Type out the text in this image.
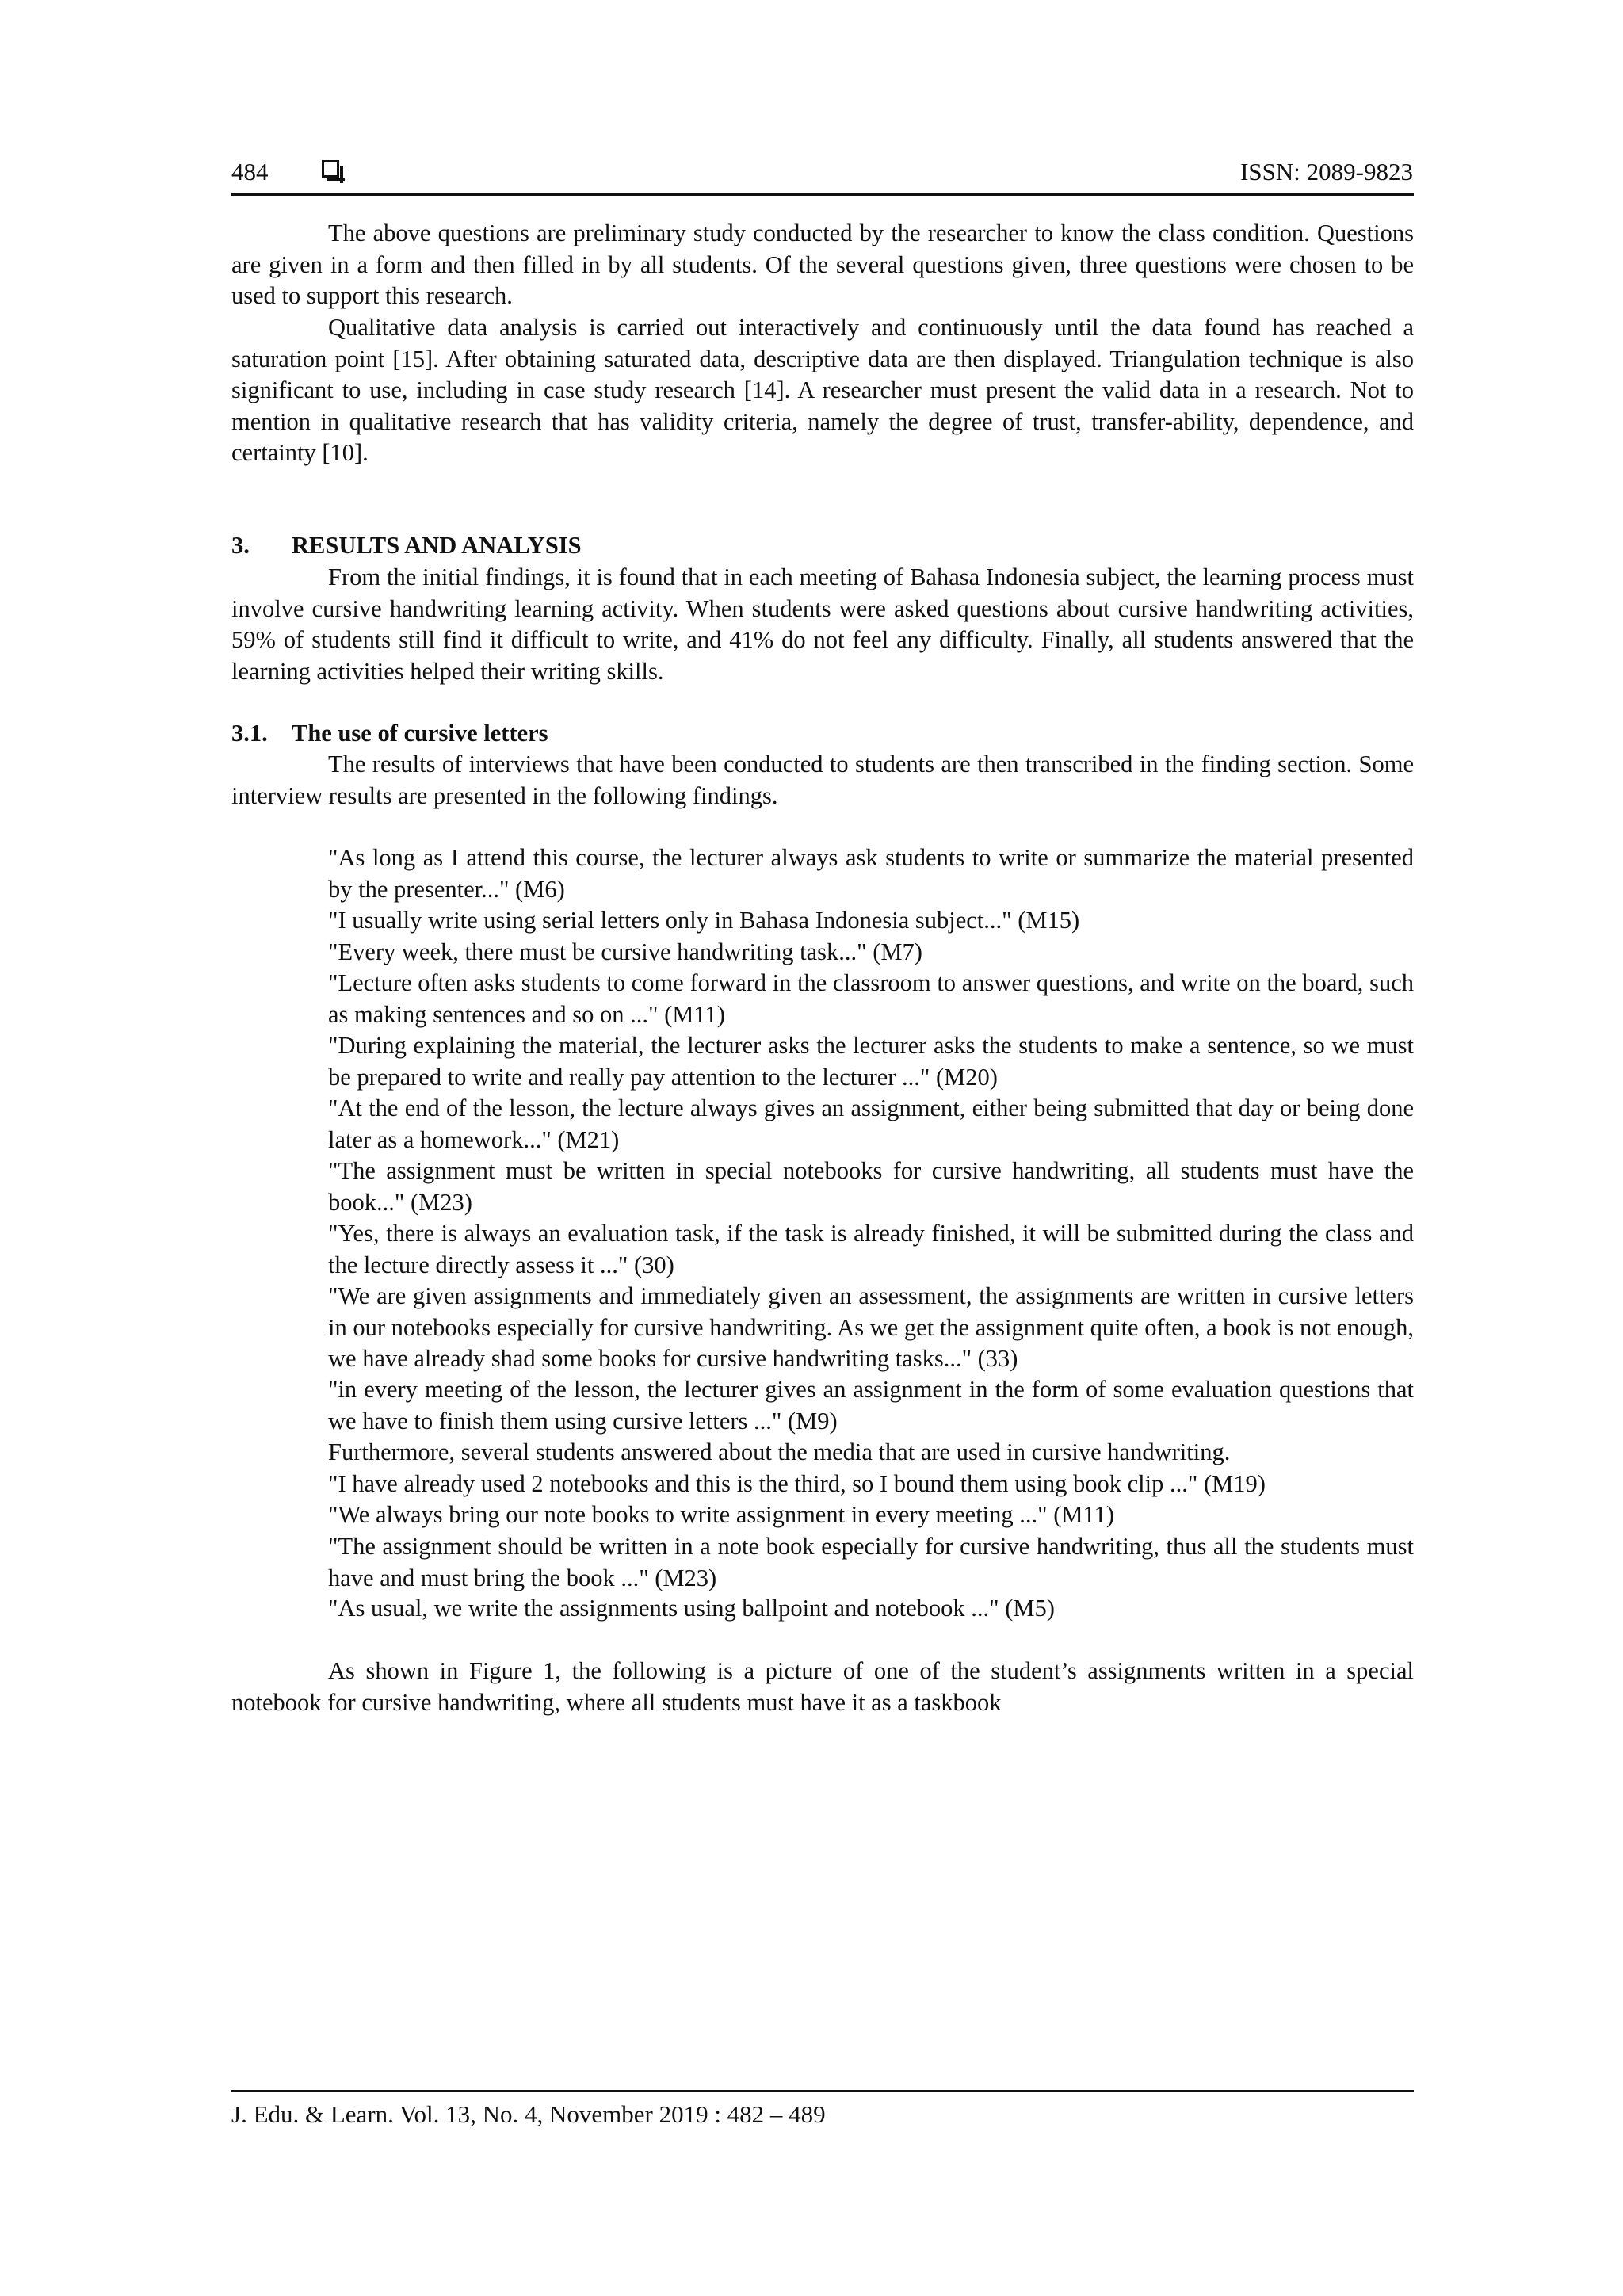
484	ISSN: 2089-9823

The above questions are preliminary study conducted by the researcher to know the class condition. Questions are given in a form and then filled in by all students. Of the several questions given, three questions were chosen to be used to support this research.

Qualitative data analysis is carried out interactively and continuously until the data found has reached a saturation point [15]. After obtaining saturated data, descriptive data are then displayed. Triangulation technique is also significant to use, including in case study research [14]. A researcher must present the valid data in a research. Not to mention in qualitative research that has validity criteria, namely the degree of trust, transfer-ability, dependence, and certainty [10].

3. RESULTS AND ANALYSIS

From the initial findings, it is found that in each meeting of Bahasa Indonesia subject, the learning process must involve cursive handwriting learning activity. When students were asked questions about cursive handwriting activities, 59% of students still find it difficult to write, and 41% do not feel any difficulty. Finally, all students answered that the learning activities helped their writing skills.

3.1. The use of cursive letters

The results of interviews that have been conducted to students are then transcribed in the finding section. Some interview results are presented in the following findings.

"As long as I attend this course, the lecturer always ask students to write or summarize the material presented by the presenter..." (M6)

"I usually write using serial letters only in Bahasa Indonesia subject..." (M15)

"Every week, there must be cursive handwriting task..." (M7)

"Lecture often asks students to come forward in the classroom to answer questions, and write on the board, such as making sentences and so on ..." (M11)

"During explaining the material, the lecturer asks the lecturer asks the students to make a sentence, so we must be prepared to write and really pay attention to the lecturer ..." (M20)

"At the end of the lesson, the lecture always gives an assignment, either being submitted that day or being done later as a homework..." (M21)

"The assignment must be written in special notebooks for cursive handwriting, all students must have the book..." (M23)

"Yes, there is always an evaluation task, if the task is already finished, it will be submitted during the class and the lecture directly assess it ..." (30)

"We are given assignments and immediately given an assessment, the assignments are written in cursive letters in our notebooks especially for cursive handwriting. As we get the assignment quite often, a book is not enough, we have already shad some books for cursive handwriting tasks..." (33)

"in every meeting of the lesson, the lecturer gives an assignment in the form of some evaluation questions that we have to finish them using cursive letters ..." (M9)

Furthermore, several students answered about the media that are used in cursive handwriting.

"I have already used 2 notebooks and this is the third, so I bound them using book clip ..." (M19)

"We always bring our note books to write assignment in every meeting ..." (M11)

"The assignment should be written in a note book especially for cursive handwriting, thus all the students must have and must bring the book ..." (M23)

"As usual, we write the assignments using ballpoint and notebook ..." (M5)

As shown in Figure 1, the following is a picture of one of the student’s assignments written in a special notebook for cursive handwriting, where all students must have it as a taskbook

J. Edu. & Learn. Vol. 13, No. 4, November 2019 : 482 – 489
